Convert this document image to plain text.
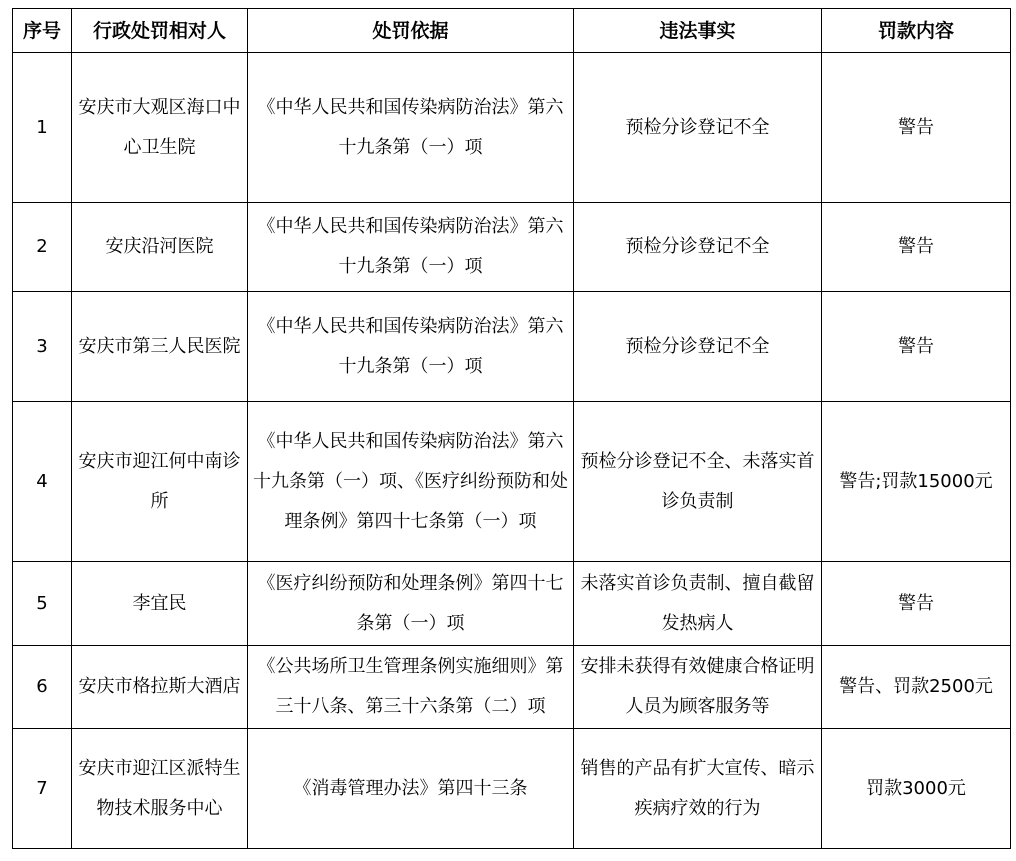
序号	行政处罚相对人	处罚依据	违法事实	罚款内容
1	安庆市大观区海口中心卫生院	《中华人民共和国传染病防治法》第六十九条第（一）项	预检分诊登记不全	警告
2	安庆沿河医院	《中华人民共和国传染病防治法》第六十九条第（一）项	预检分诊登记不全	警告
3	安庆市第三人民医院	《中华人民共和国传染病防治法》第六十九条第（一）项	预检分诊登记不全	警告
4	安庆市迎江何中南诊所	《中华人民共和国传染病防治法》第六十九条第（一）项、《医疗纠纷预防和处理条例》第四十七条第（一）项	预检分诊登记不全、未落实首诊负责制	警告;罚款15000元
5	李宜民	《医疗纠纷预防和处理条例》第四十七条第（一）项	未落实首诊负责制、擅自截留发热病人	警告
6	安庆市格拉斯大酒店	《公共场所卫生管理条例实施细则》第三十八条、第三十六条第（二）项	安排未获得有效健康合格证明人员为顾客服务等	警告、罚款2500元
7	安庆市迎江区派特生物技术服务中心	《消毒管理办法》第四十三条	销售的产品有扩大宣传、暗示疾病疗效的行为	罚款3000元
